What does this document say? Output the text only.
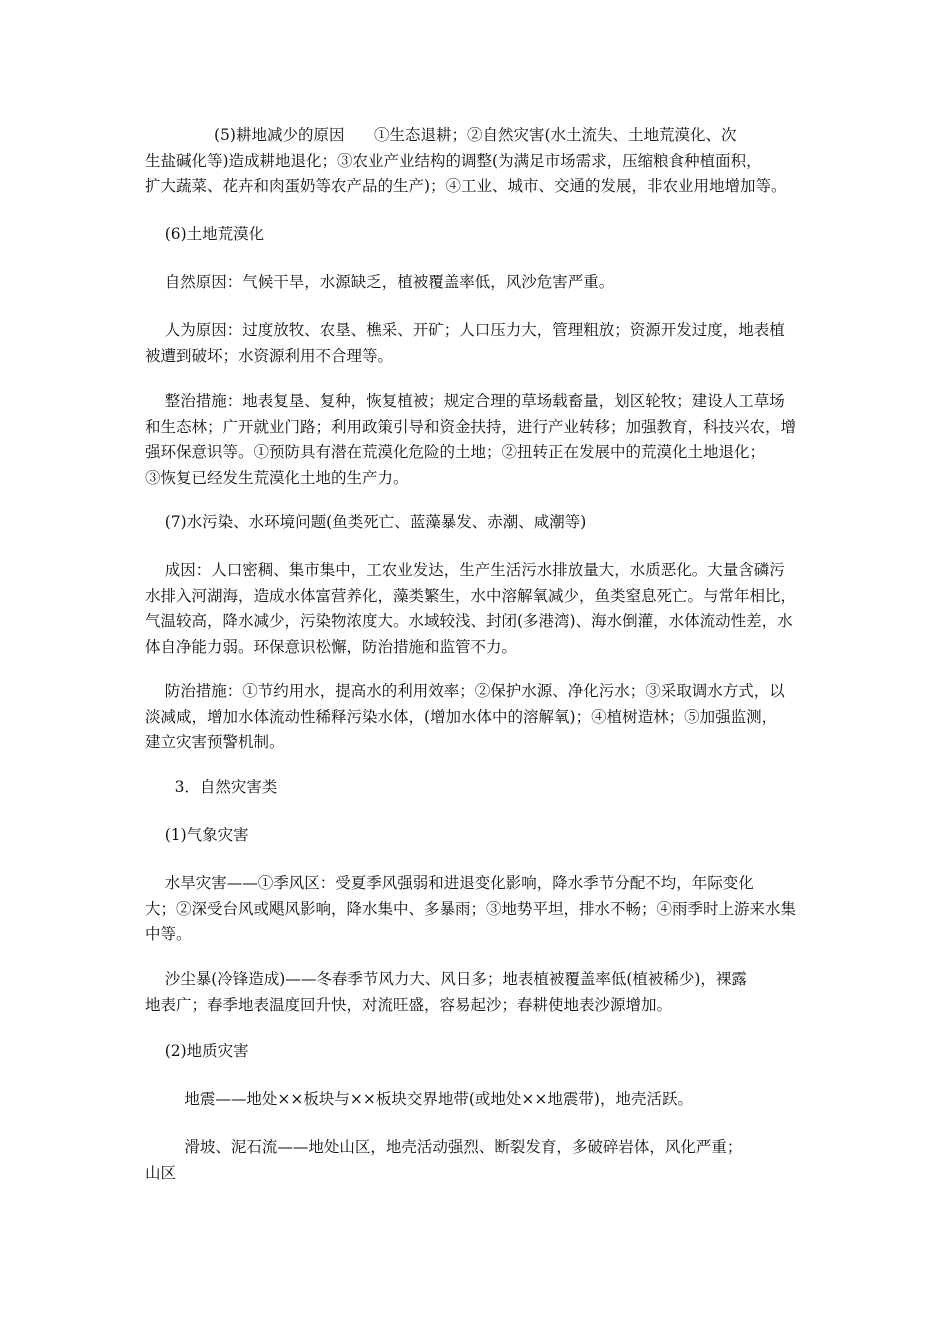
(5)耕地减少的原因      ①生态退耕；②自然灾害(水土流失、土地荒漠化、次
生盐碱化等)造成耕地退化；③农业产业结构的调整(为满足市场需求，压缩粮食种植面积，
扩大蔬菜、花卉和肉蛋奶等农产品的生产)；④工业、城市、交通的发展，非农业用地增加等。

(6)土地荒漠化

自然原因：气候干旱，水源缺乏，植被覆盖率低，风沙危害严重。

人为原因：过度放牧、农垦、樵采、开矿；人口压力大，管理粗放；资源开发过度，地表植
被遭到破坏；水资源利用不合理等。

整治措施：地表复垦、复种，恢复植被；规定合理的草场载畜量，划区轮牧；建设人工草场
和生态林；广开就业门路；利用政策引导和资金扶持，进行产业转移；加强教育，科技兴农，增
强环保意识等。①预防具有潜在荒漠化危险的土地；②扭转正在发展中的荒漠化土地退化；
③恢复已经发生荒漠化土地的生产力。

(7)水污染、水环境问题(鱼类死亡、蓝藻暴发、赤潮、咸潮等)

成因：人口密稠、集市集中，工农业发达，生产生活污水排放量大，水质恶化。大量含磷污
水排入河湖海，造成水体富营养化，藻类繁生，水中溶解氧减少，鱼类窒息死亡。与常年相比，
气温较高，降水减少，污染物浓度大。水域较浅、封闭(多港湾)、海水倒灌，水体流动性差，水
体自净能力弱。环保意识松懈，防治措施和监管不力。

防治措施：①节约用水，提高水的利用效率；②保护水源、净化污水；③采取调水方式，以
淡减咸，增加水体流动性稀释污染水体，(增加水体中的溶解氧)；④植树造林；⑤加强监测，
建立灾害预警机制。

3．自然灾害类

(1)气象灾害

水旱灾害——①季风区：受夏季风强弱和进退变化影响，降水季节分配不均，年际变化
大；②深受台风或飓风影响，降水集中、多暴雨；③地势平坦，排水不畅；④雨季时上游来水集
中等。

沙尘暴(冷锋造成)——冬春季节风力大、风日多；地表植被覆盖率低(植被稀少)，裸露
地表广；春季地表温度回升快，对流旺盛，容易起沙；春耕使地表沙源增加。

(2)地质灾害

地震——地处××板块与××板块交界地带(或地处××地震带)，地壳活跃。

滑坡、泥石流——地处山区，地壳活动强烈、断裂发育，多破碎岩体，风化严重；
山区
